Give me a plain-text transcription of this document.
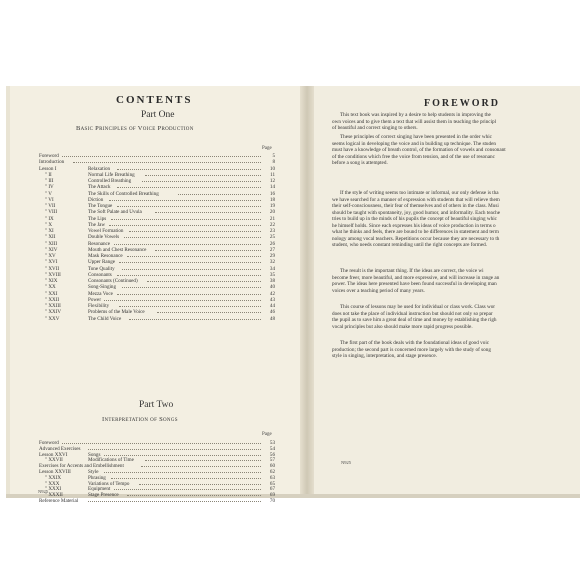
CONTENTS
Part One
Basic Principles of Voice Production
Page
Foreword	5
Introduction	8
Lesson I	Relaxation	10
" II	Normal Life Breathing	11
" III	Controlled Breathing	12
" IV	The Attack	14
" V	The Skills of Controlled Breathing	16
" VI	Diction	18
" VII	The Tongue	19
" VIII	The Soft Palate and Uvula	20
" IX	The Lips	21
" X	The Jaw	22
" XI	Vowel Formation	23
" XII	Double Vowels	25
" XIII	Resonance	26
" XIV	Mouth and Chest Resonance	27
" XV	Mask Resonance	29
" XVI	Upper Range	32
" XVII	Tone Quality	34
" XVIII	Consonants	35
" XIX	Consonants (Continued)	38
" XX	Song-Singing	40
" XXI	Mezza Voce	42
" XXII	Power	43
" XXIII	Flexibility	44
" XXIV	Problems of the Male Voice	46
" XXV	The Child Voice	48
Part Two
Interpretation of Songs
Page
Foreword	53
Advanced Exercises	54
Lesson XXVI	Songs	56
" XXVII	Modifications of Time	57
Exercises for Accents and Embellishment	60
Lesson XXVIII	Style	62
" XXIX	Phrasing	63
" XXX	Variations of Tempo	65
" XXXI	Equipment	67
" XXXII	Stage Presence	69
Reference Material	70
N925
FOREWORD
This text book was inspired by a desire to help students in improving the
own voices and to give them a text that will assist them in teaching the principl
of beautiful and correct singing to others.
These principles of correct singing have been presented in the order whic
seems logical in developing the voice and in building up technique. The studen
must have a knowledge of breath control, of the formation of vowels and consonant
of the conditions which free the voice from tension, and of the use of resonanc
before a song is attempted.
If the style of writing seems too intimate or informal, our only defense is tha
we have searched for a manner of expression with students that will relieve them
their self-consciousness, their fear of themselves and of others in the class. Musi
should be taught with spontaneity, joy, good humor, and informality. Each teache
tries to build up in the minds of his pupils the concept of beautiful singing whic
he himself holds. Since each expresses his ideas of voice production in terms o
what he thinks and feels, there are bound to be differences in statement and term
nology among vocal teachers. Repetitions occur because they are necessary to th
student, who needs constant reminding until the right concepts are formed.
The result is the important thing. If the ideas are correct, the voice wi
become freer, more beautiful, and more expressive, and will increase in range an
power. The ideas here presented have been found successful in developing man
voices over a teaching period of many years.
This course of lessons may be used for individual or class work. Class wor
does not take the place of individual instruction but should not only so prepar
the pupil as to save him a great deal of time and money by establishing the righ
vocal principles but also should make more rapid progress possible.
The first part of the book deals with the foundational ideas of good voic
production; the second part is concerned more largely with the study of song
style in singing, interpretation, and stage presence.
N925
